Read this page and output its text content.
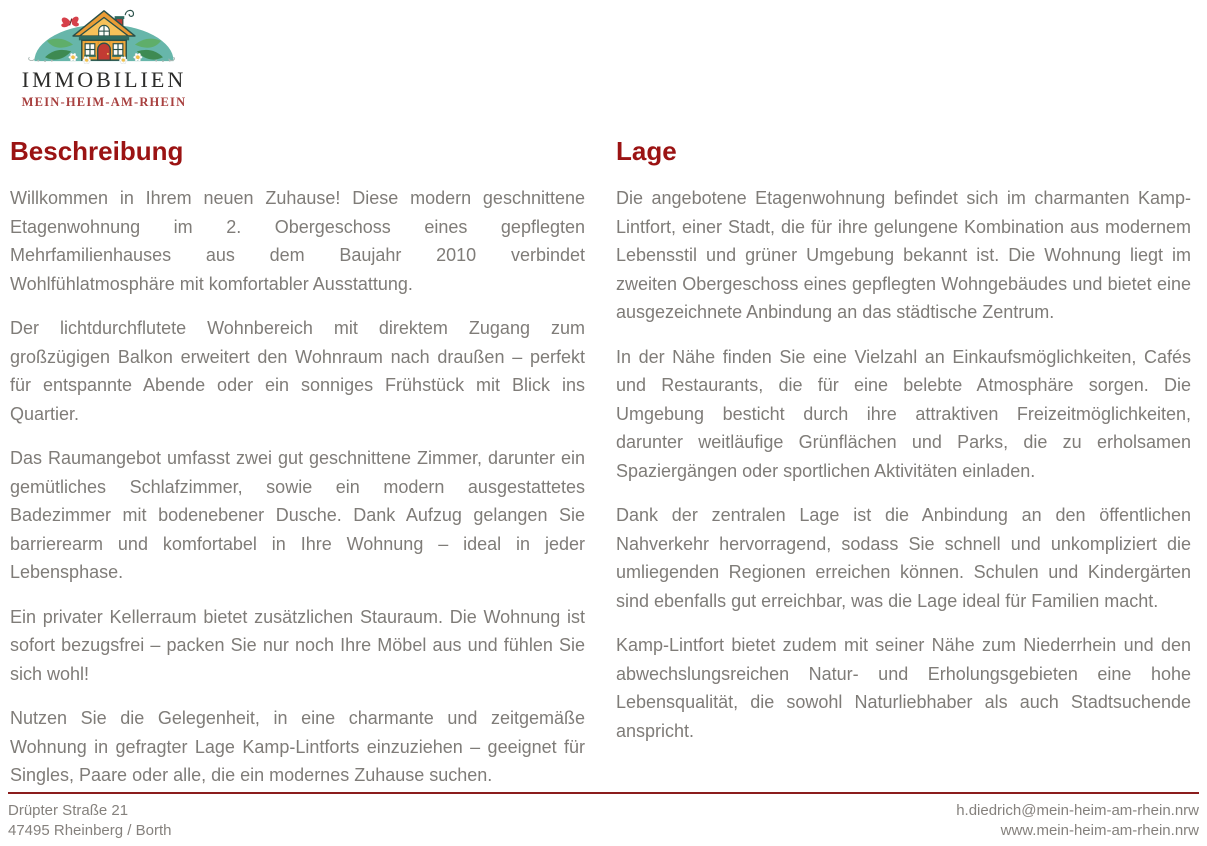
IMMOBILIEN
MEIN-HEIM-AM-RHEIN
Beschreibung

Willkommen in Ihrem neuen Zuhause! Diese modern geschnittene Etagenwohnung im 2. Obergeschoss eines gepflegten Mehrfamilienhauses aus dem Baujahr 2010 verbindet Wohlfühlatmosphäre mit komfortabler Ausstattung.

Der lichtdurchflutete Wohnbereich mit direktem Zugang zum großzügigen Balkon erweitert den Wohnraum nach draußen – perfekt für entspannte Abende oder ein sonniges Frühstück mit Blick ins Quartier.

Das Raumangebot umfasst zwei gut geschnittene Zimmer, darunter ein gemütliches Schlafzimmer, sowie ein modern ausgestattetes Badezimmer mit bodenebener Dusche. Dank Aufzug gelangen Sie barrierearm und komfortabel in Ihre Wohnung – ideal in jeder Lebensphase.

Ein privater Kellerraum bietet zusätzlichen Stauraum. Die Wohnung ist sofort bezugsfrei – packen Sie nur noch Ihre Möbel aus und fühlen Sie sich wohl!

Nutzen Sie die Gelegenheit, in eine charmante und zeitgemäße Wohnung in gefragter Lage Kamp-Lintforts einzuziehen – geeignet für Singles, Paare oder alle, die ein modernes Zuhause suchen.

Lage

Die angebotene Etagenwohnung befindet sich im charmanten Kamp-Lintfort, einer Stadt, die für ihre gelungene Kombination aus modernem Lebensstil und grüner Umgebung bekannt ist. Die Wohnung liegt im zweiten Obergeschoss eines gepflegten Wohngebäudes und bietet eine ausgezeichnete Anbindung an das städtische Zentrum.

In der Nähe finden Sie eine Vielzahl an Einkaufsmöglichkeiten, Cafés und Restaurants, die für eine belebte Atmosphäre sorgen. Die Umgebung besticht durch ihre attraktiven Freizeitmöglichkeiten, darunter weitläufige Grünflächen und Parks, die zu erholsamen Spaziergängen oder sportlichen Aktivitäten einladen.

Dank der zentralen Lage ist die Anbindung an den öffentlichen Nahverkehr hervorragend, sodass Sie schnell und unkompliziert die umliegenden Regionen erreichen können. Schulen und Kindergärten sind ebenfalls gut erreichbar, was die Lage ideal für Familien macht.

Kamp-Lintfort bietet zudem mit seiner Nähe zum Niederrhein und den abwechslungsreichen Natur- und Erholungsgebieten eine hohe Lebensqualität, die sowohl Naturliebhaber als auch Stadtsuchende anspricht.

Drüpter Straße 21
47495 Rheinberg / Borth
h.diedrich@mein-heim-am-rhein.nrw
www.mein-heim-am-rhein.nrw
